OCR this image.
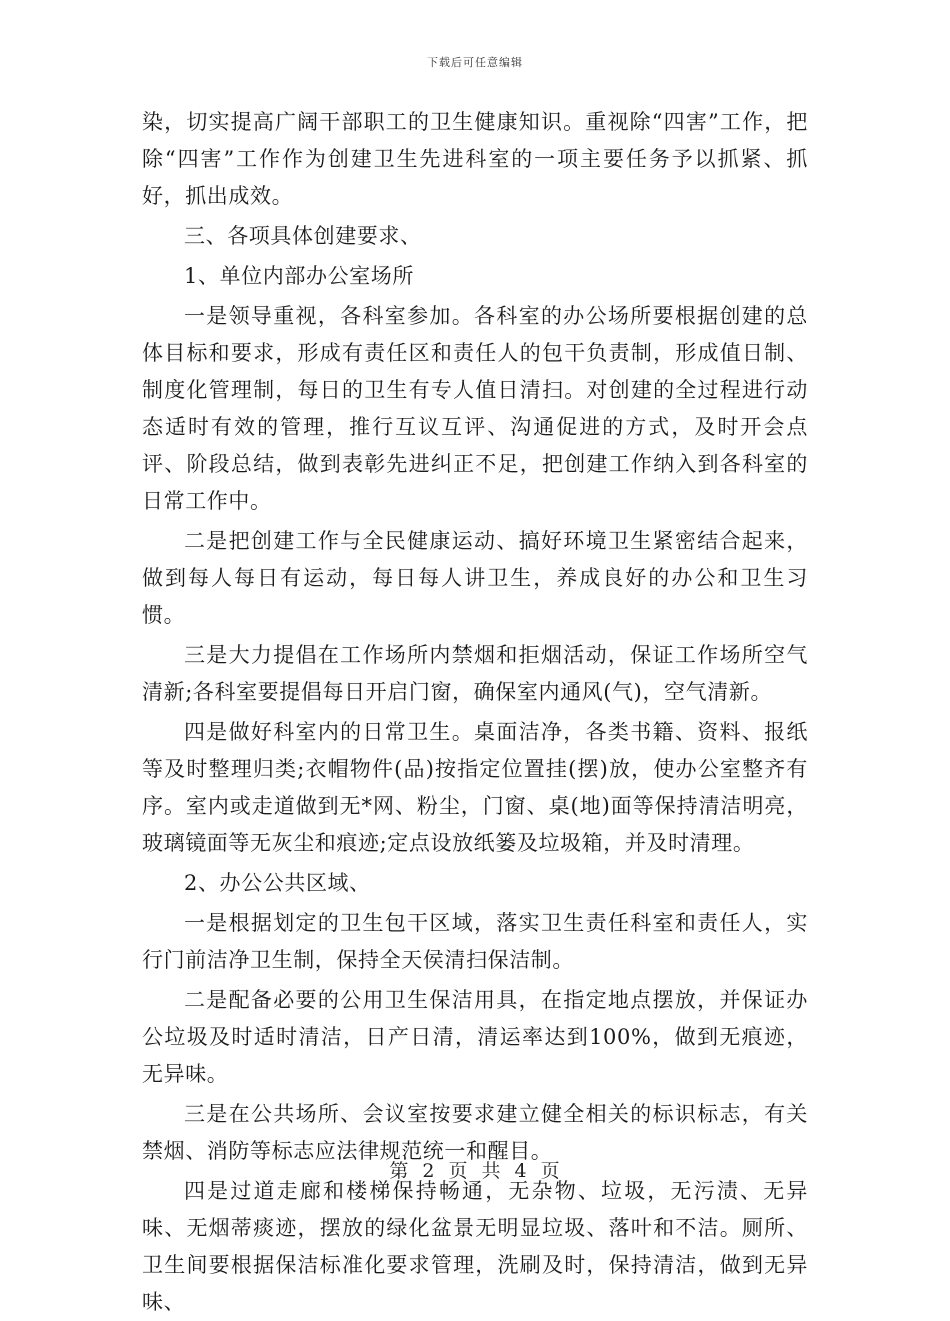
下载后可任意编辑

染，切实提高广阔干部职工的卫生健康知识。重视除“四害”工作，把除“四害”工作作为创建卫生先进科室的一项主要任务予以抓紧、抓好，抓出成效。

三、各项具体创建要求、

1、单位内部办公室场所

一是领导重视，各科室参加。各科室的办公场所要根据创建的总体目标和要求，形成有责任区和责任人的包干负责制，形成值日制、制度化管理制，每日的卫生有专人值日清扫。对创建的全过程进行动态适时有效的管理，推行互议互评、沟通促进的方式，及时开会点评、阶段总结，做到表彰先进纠正不足，把创建工作纳入到各科室的日常工作中。

二是把创建工作与全民健康运动、搞好环境卫生紧密结合起来，做到每人每日有运动，每日每人讲卫生，养成良好的办公和卫生习惯。

三是大力提倡在工作场所内禁烟和拒烟活动，保证工作场所空气清新;各科室要提倡每日开启门窗，确保室内通风(气)，空气清新。

四是做好科室内的日常卫生。桌面洁净，各类书籍、资料、报纸等及时整理归类;衣帽物件(品)按指定位置挂(摆)放，使办公室整齐有序。室内或走道做到无*网、粉尘，门窗、桌(地)面等保持清洁明亮，玻璃镜面等无灰尘和痕迹;定点设放纸篓及垃圾箱，并及时清理。

2、办公公共区域、

一是根据划定的卫生包干区域，落实卫生责任科室和责任人，实行门前洁净卫生制，保持全天侯清扫保洁制。

二是配备必要的公用卫生保洁用具，在指定地点摆放，并保证办公垃圾及时适时清洁，日产日清，清运率达到100%，做到无痕迹，无异味。

三是在公共场所、会议室按要求建立健全相关的标识标志，有关禁烟、消防等标志应法律规范统一和醒目。

四是过道走廊和楼梯保持畅通，无杂物、垃圾，无污渍、无异味、无烟蒂痰迹，摆放的绿化盆景无明显垃圾、落叶和不洁。厕所、卫生间要根据保洁标准化要求管理，洗刷及时，保持清洁，做到无异味、

第 2 页 共 4 页
